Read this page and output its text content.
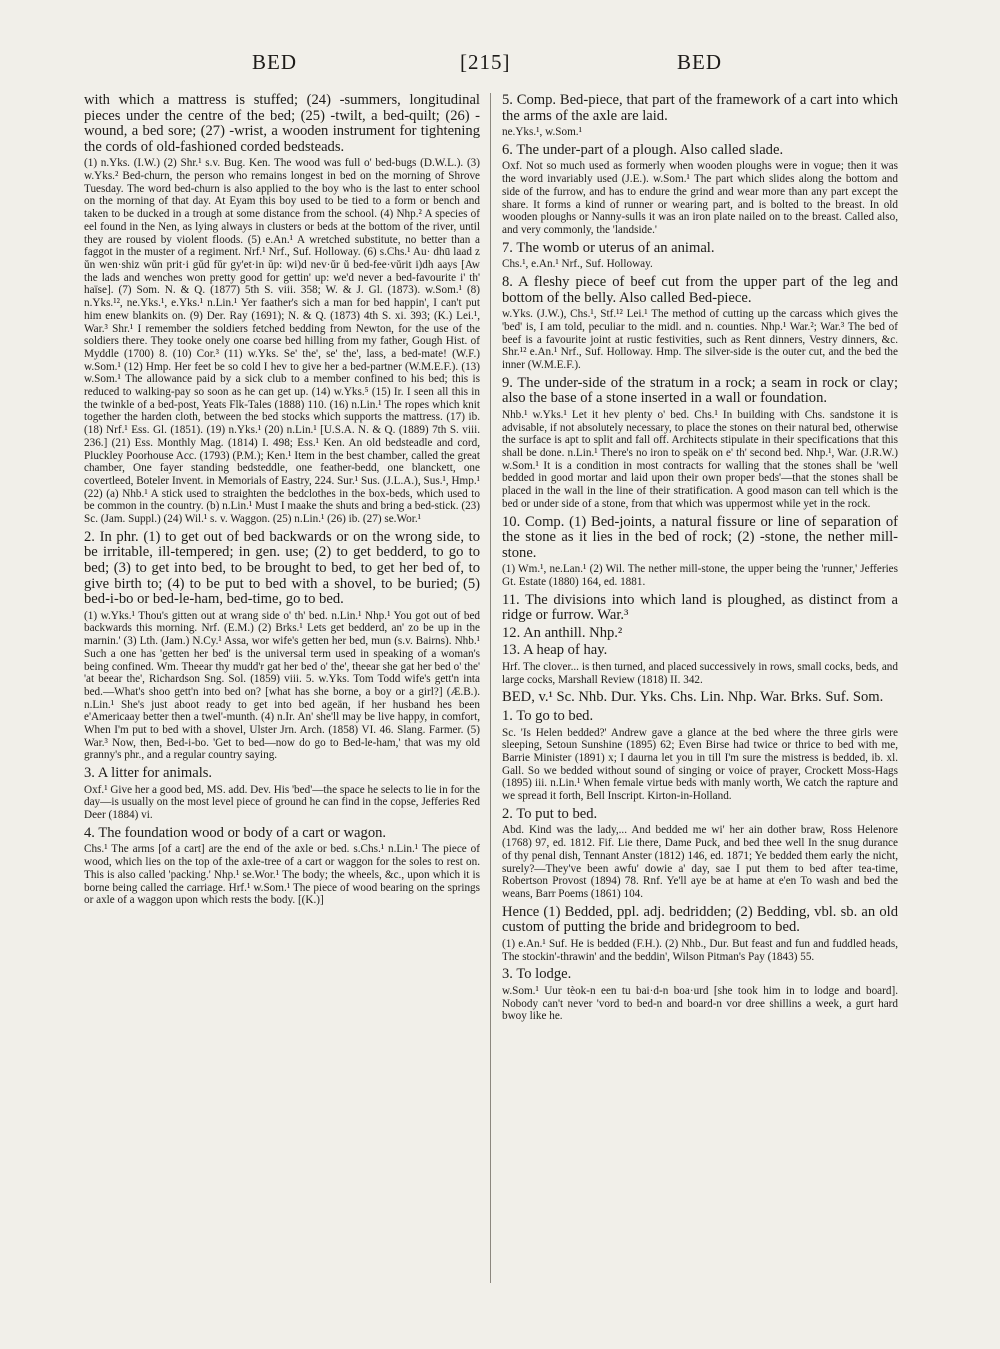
BED	[215]	BED

with which a mattress is stuffed; (24) -summers, longitudinal pieces under the centre of the bed; (25) -twilt, a bed-quilt; (26) -wound, a bed sore; (27) -wrist, a wooden instrument for tightening the cords of old-fashioned corded bedsteads.

(1) n.Yks. (I.W.) (2) Shr.¹ s.v. Bug. Ken. The wood was full o' bed-bugs (D.W.L.). (3) w.Yks.² Bed-churn, the person who remains longest in bed on the morning of Shrove Tuesday. The word bed-churn is also applied to the boy who is the last to enter school on the morning of that day. At Eyam this boy used to be tied to a form or bench and taken to be ducked in a trough at some distance from the school. (4) Nhp.² A species of eel found in the Nen, as lying always in clusters or beds at the bottom of the river, until they are roused by violent floods. (5) e.An.¹ A wretched substitute, no better than a faggot in the muster of a regiment. Nrf.¹ Nrf., Suf. Holloway. (6) s.Chs.¹ Au· dhū laad z ŭn wen·shiz wŭn prit·i gŭd fŭr gy'et·in ŭp: wi)d nev·ŭr ŭ bed-fee·vŭrit i)dh aays [Aw the lads and wenches won pretty good for gettin' up: we'd never a bed-favourite i' th' haïse]. (7) Som. N. & Q. (1877) 5th S. viii. 358; W. & J. Gl. (1873). w.Som.¹ (8) n.Yks.¹², ne.Yks.¹, e.Yks.¹ n.Lin.¹ Yer faather's sich a man for bed happin', I can't put him enew blankits on. (9) Der. Ray (1691); N. & Q. (1873) 4th S. xi. 393; (K.) Lei.¹, War.³ Shr.¹ I remember the soldiers fetched bedding from Newton, for the use of the soldiers there. They tooke onely one coarse bed hilling from my father, Gough Hist. of Myddle (1700) 8. (10) Cor.³ (11) w.Yks. Se' the', se' the', lass, a bed-mate! (W.F.) w.Som.¹ (12) Hmp. Her feet be so cold I hev to give her a bed-partner (W.M.E.F.). (13) w.Som.¹ The allowance paid by a sick club to a member confined to his bed; this is reduced to walking-pay so soon as he can get up. (14) w.Yks.⁵ (15) Ir. I seen all this in the twinkle of a bed-post, Yeats Flk-Tales (1888) 110. (16) n.Lin.¹ The ropes which knit together the harden cloth, between the bed stocks which supports the mattress. (17) ib. (18) Nrf.¹ Ess. Gl. (1851). (19) n.Yks.¹ (20) n.Lin.¹ [U.S.A. N. & Q. (1889) 7th S. viii. 236.] (21) Ess. Monthly Mag. (1814) I. 498; Ess.¹ Ken. An old bedsteadle and cord, Pluckley Poorhouse Acc. (1793) (P.M.); Ken.¹ Item in the best chamber, called the great chamber, One fayer standing bedsteddle, one feather-bedd, one blanckett, one covertleed, Boteler Invent. in Memorials of Eastry, 224. Sur.¹ Sus. (J.L.A.), Sus.¹, Hmp.¹ (22) (a) Nhb.¹ A stick used to straighten the bedclothes in the box-beds, which used to be common in the country. (b) n.Lin.¹ Must I maake the shuts and bring a bed-stick. (23) Sc. (Jam. Suppl.) (24) Wil.¹ s. v. Waggon. (25) n.Lin.¹ (26) ib. (27) se.Wor.¹

2. In phr. (1) to get out of bed backwards or on the wrong side, to be irritable, ill-tempered; in gen. use; (2) to get bedderd, to go to bed; (3) to get into bed, to be brought to bed, to get her bed of, to give birth to; (4) to be put to bed with a shovel, to be buried; (5) bed-i-bo or bed-le-ham, bed-time, go to bed.

(1) w.Yks.¹ Thou's gitten out at wrang side o' th' bed. n.Lin.¹ Nhp.¹ You got out of bed backwards this morning. Nrf. (E.M.) (2) Brks.¹ Lets get bedderd, an' zo be up in the marnin.' (3) Lth. (Jam.) N.Cy.¹ Assa, wor wife's getten her bed, mun (s.v. Bairns). Nhb.¹ Such a one has 'getten her bed' is the universal term used in speaking of a woman's being confined. Wm. Theear thy mudd'r gat her bed o' the', theear she gat her bed o' the' 'at beear the', Richardson Sng. Sol. (1859) viii. 5. w.Yks. Tom Todd wife's gett'n inta bed.—What's shoo gett'n into bed on? [what has she borne, a boy or a girl?] (Æ.B.). n.Lin.¹ She's just aboot ready to get into bed ageän, if her husband hes been e'Americaay better then a twel'-munth. (4) n.Ir. An' she'll may be live happy, in comfort, When I'm put to bed with a shovel, Ulster Jrn. Arch. (1858) VI. 46. Slang. Farmer. (5) War.³ Now, then, Bed-i-bo. 'Get to bed—now do go to Bed-le-ham,' that was my old granny's phr., and a regular country saying.

3. A litter for animals.

Oxf.¹ Give her a good bed, MS. add. Dev. His 'bed'—the space he selects to lie in for the day—is usually on the most level piece of ground he can find in the copse, Jefferies Red Deer (1884) vi.

4. The foundation wood or body of a cart or wagon.

Chs.¹ The arms [of a cart] are the end of the axle or bed. s.Chs.¹ n.Lin.¹ The piece of wood, which lies on the top of the axle-tree of a cart or waggon for the soles to rest on. This is also called 'packing.' Nhp.¹ se.Wor.¹ The body; the wheels, &c., upon which it is borne being called the carriage. Hrf.¹ w.Som.¹ The piece of wood bearing on the springs or axle of a waggon upon which rests the body. [(K.)]

5. Comp. Bed-piece, that part of the framework of a cart into which the arms of the axle are laid.

ne.Yks.¹, w.Som.¹

6. The under-part of a plough. Also called slade.

Oxf. Not so much used as formerly when wooden ploughs were in vogue; then it was the word invariably used (J.E.). w.Som.¹ The part which slides along the bottom and side of the furrow, and has to endure the grind and wear more than any part except the share. It forms a kind of runner or wearing part, and is bolted to the breast. In old wooden ploughs or Nanny-sulls it was an iron plate nailed on to the breast. Called also, and very commonly, the 'landside.'

7. The womb or uterus of an animal.

Chs.¹, e.An.¹ Nrf., Suf. Holloway.

8. A fleshy piece of beef cut from the upper part of the leg and bottom of the belly. Also called Bed-piece.

w.Yks. (J.W.), Chs.¹, Stf.¹² Lei.¹ The method of cutting up the carcass which gives the 'bed' is, I am told, peculiar to the midl. and n. counties. Nhp.¹ War.²; War.³ The bed of beef is a favourite joint at rustic festivities, such as Rent dinners, Vestry dinners, &c. Shr.¹² e.An.¹ Nrf., Suf. Holloway. Hmp. The silver-side is the outer cut, and the bed the inner (W.M.E.F.).

9. The under-side of the stratum in a rock; a seam in rock or clay; also the base of a stone inserted in a wall or foundation.

Nhb.¹ w.Yks.¹ Let it hev plenty o' bed. Chs.¹ In building with Chs. sandstone it is advisable, if not absolutely necessary, to place the stones on their natural bed, otherwise the surface is apt to split and fall off. Architects stipulate in their specifications that this shall be done. n.Lin.¹ There's no iron to speäk on e' th' second bed. Nhp.¹, War. (J.R.W.) w.Som.¹ It is a condition in most contracts for walling that the stones shall be 'well bedded in good mortar and laid upon their own proper beds'—that the stones shall be placed in the wall in the line of their stratification. A good mason can tell which is the bed or under side of a stone, from that which was uppermost while yet in the rock.

10. Comp. (1) Bed-joints, a natural fissure or line of separation of the stone as it lies in the bed of rock; (2) -stone, the nether mill-stone.

(1) Wm.¹, ne.Lan.¹ (2) Wil. The nether mill-stone, the upper being the 'runner,' Jefferies Gt. Estate (1880) 164, ed. 1881.

11. The divisions into which land is ploughed, as distinct from a ridge or furrow. War.³

12. An anthill. Nhp.²

13. A heap of hay.

Hrf. The clover... is then turned, and placed successively in rows, small cocks, beds, and large cocks, Marshall Review (1818) II. 342.

BED, v.¹ Sc. Nhb. Dur. Yks. Chs. Lin. Nhp. War. Brks. Suf. Som.

1. To go to bed.

Sc. 'Is Helen bedded?' Andrew gave a glance at the bed where the three girls were sleeping, Setoun Sunshine (1895) 62; Even Birse had twice or thrice to bed with me, Barrie Minister (1891) x; I daurna let you in till I'm sure the mistress is bedded, ib. xl. Gall. So we bedded without sound of singing or voice of prayer, Crockett Moss-Hags (1895) iii. n.Lin.¹ When female virtue beds with manly worth, We catch the rapture and we spread it forth, Bell Inscript. Kirton-in-Holland.

2. To put to bed.

Abd. Kind was the lady,... And bedded me wi' her ain dother braw, Ross Helenore (1768) 97, ed. 1812. Fif. Lie there, Dame Puck, and bed thee well In the snug durance of thy penal dish, Tennant Anster (1812) 146, ed. 1871; Ye bedded them early the nicht, surely?—They've been awfu' dowie a' day, sae I put them to bed after tea-time, Robertson Provost (1894) 78. Rnf. Ye'll aye be at hame at e'en To wash and bed the weans, Barr Poems (1861) 104.

Hence (1) Bedded, ppl. adj. bedridden; (2) Bedding, vbl. sb. an old custom of putting the bride and bridegroom to bed.

(1) e.An.¹ Suf. He is bedded (F.H.). (2) Nhb., Dur. But feast and fun and fuddled heads, The stockin'-thrawin' and the beddin', Wilson Pitman's Pay (1843) 55.

3. To lodge.

w.Som.¹ Uur tèok-n een tu bai·d-n boa·urd [she took him in to lodge and board]. Nobody can't never 'vord to bed-n and board-n vor dree shillins a week, a gurt hard bwoy like he.
